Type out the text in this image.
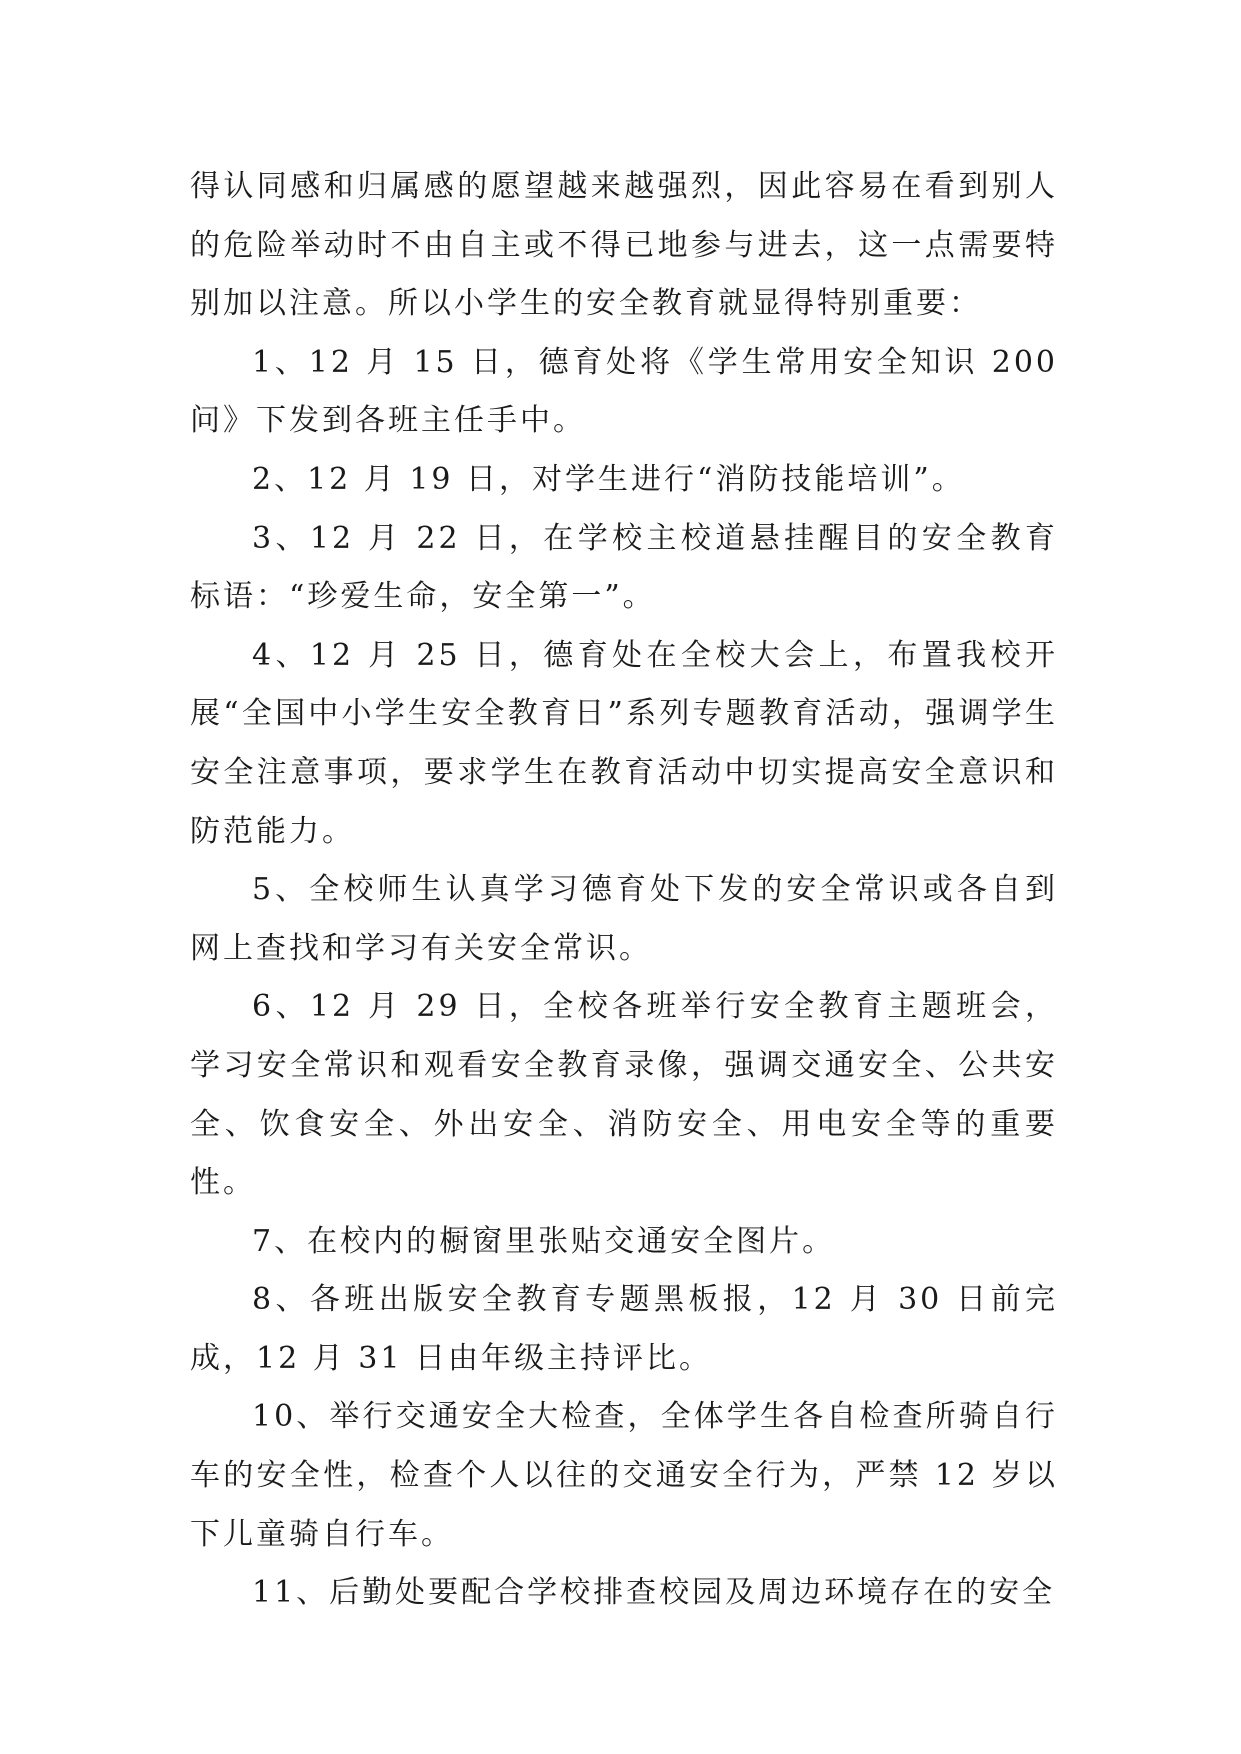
得认同感和归属感的愿望越来越强烈，因此容易在看到别人的危险举动时不由自主或不得已地参与进去，这一点需要特别加以注意。所以小学生的安全教育就显得特别重要：

1、12 月 15 日，德育处将《学生常用安全知识 200 问》下发到各班主任手中。

2、12 月 19 日，对学生进行“消防技能培训”。

3、12 月 22 日，在学校主校道悬挂醒目的安全教育标语：“珍爱生命，安全第一”。

4、12 月 25 日，德育处在全校大会上，布置我校开展“全国中小学生安全教育日”系列专题教育活动，强调学生安全注意事项，要求学生在教育活动中切实提高安全意识和防范能力。

5、全校师生认真学习德育处下发的安全常识或各自到网上查找和学习有关安全常识。

6、12 月 29 日，全校各班举行安全教育主题班会，学习安全常识和观看安全教育录像，强调交通安全、公共安全、饮食安全、外出安全、消防安全、用电安全等的重要性。

7、在校内的橱窗里张贴交通安全图片。

8、各班出版安全教育专题黑板报，12 月 30 日前完成，12 月 31 日由年级主持评比。

10、举行交通安全大检查，全体学生各自检查所骑自行车的安全性，检查个人以往的交通安全行为，严禁 12 岁以下儿童骑自行车。

11、后勤处要配合学校排查校园及周边环境存在的安全
